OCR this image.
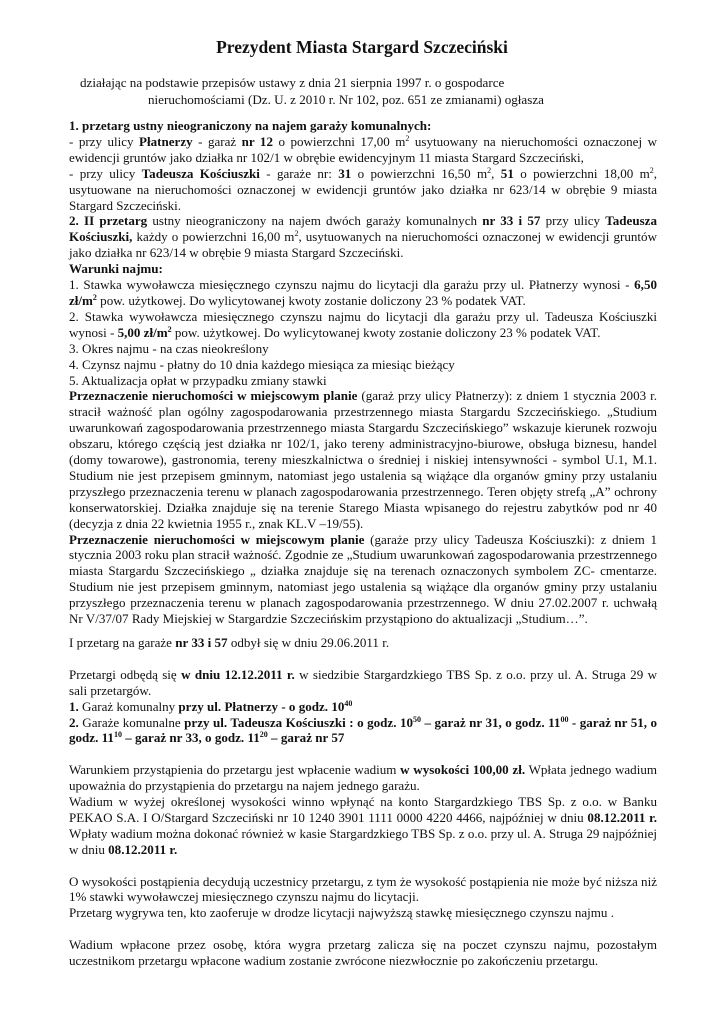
Prezydent Miasta Stargard Szczeciński
działając na podstawie przepisów ustawy z dnia 21 sierpnia 1997 r. o gospodarce
nieruchomościami (Dz. U. z 2010 r. Nr 102, poz. 651 ze zmianami) ogłasza

1. przetarg ustny nieograniczony na najem garaży komunalnych:

- przy ulicy Płatnerzy - garaż nr 12 o powierzchni 17,00 $m^2$ usytuowany na nieruchomości oznaczonej w ewidencji gruntów jako działka nr 102/1 w obrębie ewidencyjnym 11 miasta Stargard Szczeciński,

- przy ulicy Tadeusza Kościuszki - garaże nr: 31 o powierzchni 16,50 $m^2$, 51 o powierzchni 18,00 $m^2$, usytuowane na nieruchomości oznaczonej w ewidencji gruntów jako działka nr 623/14 w obrębie 9 miasta Stargard Szczeciński.

2. II przetarg ustny nieograniczony na najem dwóch garaży komunalnych nr 33 i 57 przy ulicy Tadeusza Kościuszki, każdy o powierzchni 16,00 $m^2$, usytuowanych na nieruchomości oznaczonej w ewidencji gruntów jako działka nr 623/14 w obrębie 9 miasta Stargard Szczeciński.

Warunki najmu:

1. Stawka wywoławcza miesięcznego czynszu najmu do licytacji dla garażu przy ul. Płatnerzy wynosi - 6,50 $zł/m^2$ pow. użytkowej. Do wylicytowanej kwoty zostanie doliczony 23 % podatek VAT.

2. Stawka wywoławcza miesięcznego czynszu najmu do licytacji dla garażu przy ul. Tadeusza Kościuszki wynosi - 5,00 $zł/m^2$ pow. użytkowej. Do wylicytowanej kwoty zostanie doliczony 23 % podatek VAT.

3. Okres najmu - na czas nieokreślony

4. Czynsz najmu - płatny do 10 dnia każdego miesiąca za miesiąc bieżący

5. Aktualizacja opłat w przypadku zmiany stawki

Przeznaczenie nieruchomości w miejscowym planie (garaż przy ulicy Płatnerzy): z dniem 1 stycznia 2003 r. stracił ważność plan ogólny zagospodarowania przestrzennego miasta Stargardu Szczecińskiego. „Studium uwarunkowań zagospodarowania przestrzennego miasta Stargardu Szczecińskiego” wskazuje kierunek rozwoju obszaru, którego częścią jest działka nr 102/1, jako tereny administracyjno-biurowe, obsługa biznesu, handel (domy towarowe), gastronomia, tereny mieszkalnictwa o średniej i niskiej intensywności - symbol U.1, M.1. Studium nie jest przepisem gminnym, natomiast jego ustalenia są wiążące dla organów gminy przy ustalaniu przyszłego przeznaczenia terenu w planach zagospodarowania przestrzennego. Teren objęty strefą „A” ochrony konserwatorskiej. Działka znajduje się na terenie Starego Miasta wpisanego do rejestru zabytków pod nr 40 (decyzja z dnia 22 kwietnia 1955 r., znak KL.V –19/55).

Przeznaczenie nieruchomości w miejscowym planie (garaże przy ulicy Tadeusza Kościuszki): z dniem 1 stycznia 2003 roku plan stracił ważność. Zgodnie ze „Studium uwarunkowań zagospodarowania przestrzennego miasta Stargardu Szczecińskiego „ działka znajduje się na terenach oznaczonych symbolem ZC- cmentarze. Studium nie jest przepisem gminnym, natomiast jego ustalenia są wiążące dla organów gminy przy ustalaniu przyszłego przeznaczenia terenu w planach zagospodarowania przestrzennego. W dniu 27.02.2007 r. uchwałą Nr V/37/07 Rady Miejskiej w Stargardzie Szczecińskim przystąpiono do aktualizacji „Studium…”.

I przetarg na garaże nr 33 i 57 odbył się w dniu 29.06.2011 r.

Przetargi odbędą się w dniu 12.12.2011 r. w siedzibie Stargardzkiego TBS Sp. z o.o. przy ul. A. Struga 29 w sali przetargów.

1. Garaż komunalny przy ul. Płatnerzy - o godz. $10^{40}$

2. Garaże komunalne przy ul. Tadeusza Kościuszki : o godz. $10^{50}$ – garaż nr 31, o godz. $11^{00}$ - garaż nr 51, o godz. $11^{10}$ – garaż nr 33, o godz. $11^{20}$ – garaż nr 57

Warunkiem przystąpienia do przetargu jest wpłacenie wadium w wysokości 100,00 zł. Wpłata jednego wadium upoważnia do przystąpienia do przetargu na najem jednego garażu.

Wadium w wyżej określonej wysokości winno wpłynąć na konto Stargardzkiego TBS Sp. z o.o. w Banku PEKAO S.A. I O/Stargard Szczeciński nr 10 1240 3901 1111 0000 4220 4466, najpóźniej w dniu 08.12.2011 r. Wpłaty wadium można dokonać również w kasie Stargardzkiego TBS Sp. z o.o. przy ul. A. Struga 29 najpóźniej w dniu 08.12.2011 r.

O wysokości postąpienia decydują uczestnicy przetargu, z tym że wysokość postąpienia nie może być niższa niż 1% stawki wywoławczej miesięcznego czynszu najmu do licytacji.

Przetarg wygrywa ten, kto zaoferuje w drodze licytacji najwyższą stawkę miesięcznego czynszu najmu .

Wadium wpłacone przez osobę, która wygra przetarg zalicza się na poczet czynszu najmu, pozostałym uczestnikom przetargu wpłacone wadium zostanie zwrócone niezwłocznie po zakończeniu przetargu.
